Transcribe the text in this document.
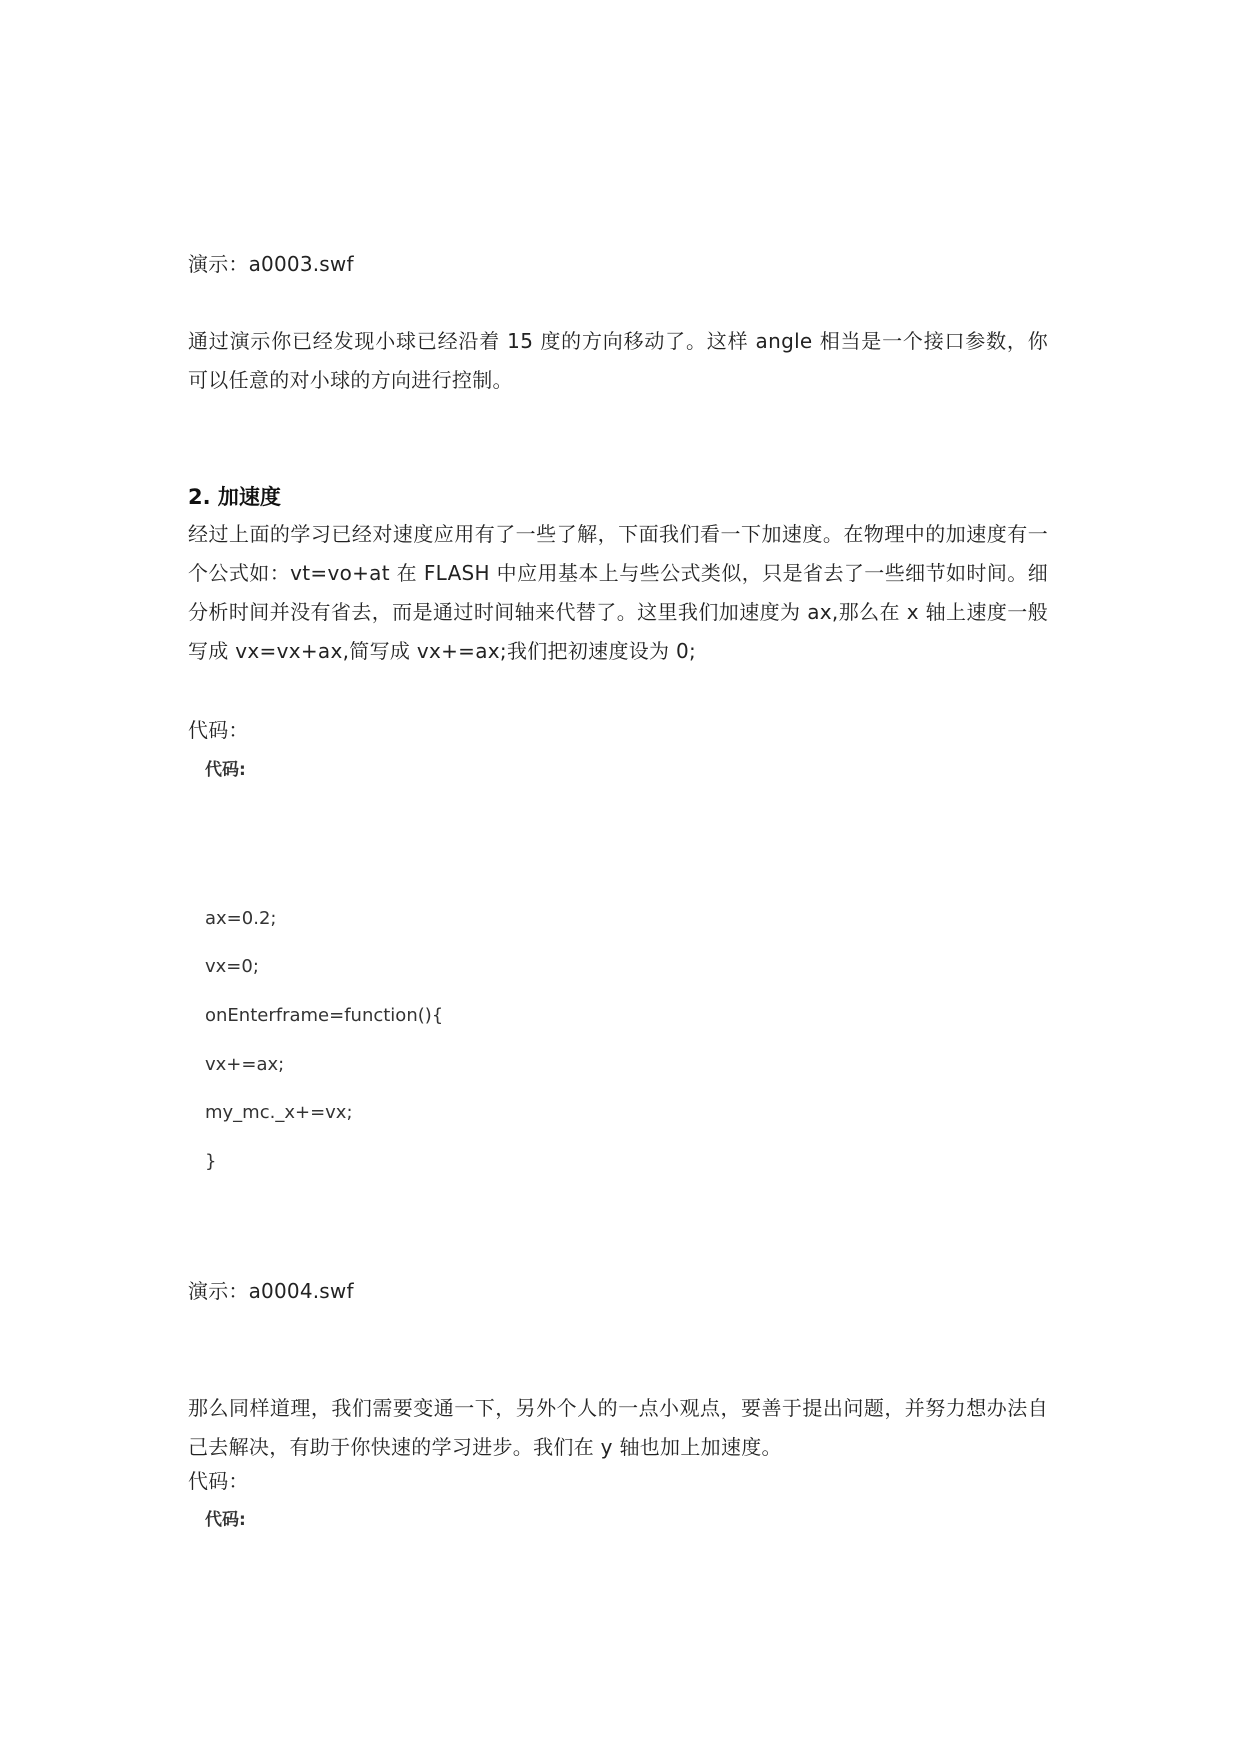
演示：a0003.swf
通过演示你已经发现小球已经沿着 15 度的方向移动了。这样 angle 相当是一个接口参数，你可以任意的对小球的方向进行控制。
2. 加速度
经过上面的学习已经对速度应用有了一些了解，下面我们看一下加速度。在物理中的加速度有一个公式如：vt=vo+at 在 FLASH 中应用基本上与些公式类似，只是省去了一些细节如时间。细分析时间并没有省去，而是通过时间轴来代替了。这里我们加速度为 ax,那么在 x 轴上速度一般写成 vx=vx+ax,简写成 vx+=ax;我们把初速度设为 0;
代码：
代码:
ax=0.2;
vx=0;
onEnterframe=function(){
vx+=ax;
my_mc._x+=vx;
}
演示：a0004.swf
那么同样道理，我们需要变通一下，另外个人的一点小观点，要善于提出问题，并努力想办法自己去解决，有助于你快速的学习进步。我们在 y 轴也加上加速度。
代码：
代码:
